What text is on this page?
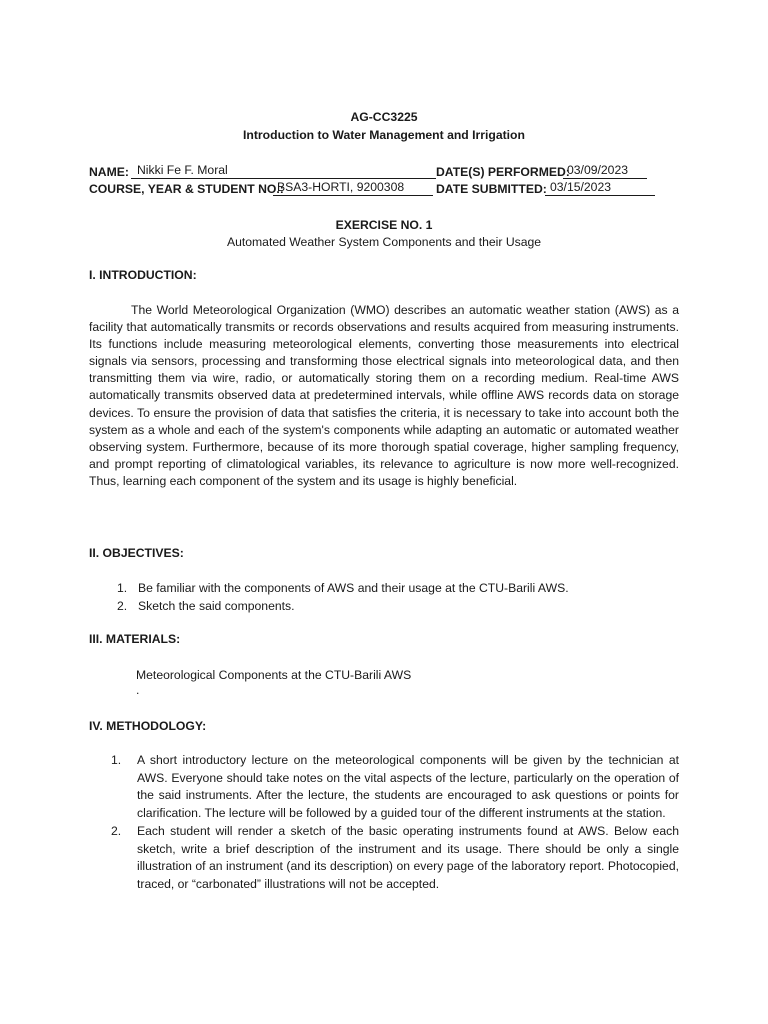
AG-CC3225
Introduction to Water Management and Irrigation
NAME: Nikki Fe F. Moral	DATE(S) PERFORMED:
03/09/2023
COURSE, YEAR & STUDENT NO.:
BSA3-HORTI, 9200308	DATE SUBMITTED: 03/15/2023
EXERCISE NO. 1
Automated Weather System Components and their Usage
I. INTRODUCTION:

The World Meteorological Organization (WMO) describes an automatic weather station (AWS) as a facility that automatically transmits or records observations and results acquired from measuring instruments. Its functions include measuring meteorological elements, converting those measurements into electrical signals via sensors, processing and transforming those electrical signals into meteorological data, and then transmitting them via wire, radio, or automatically storing them on a recording medium. Real-time AWS automatically transmits observed data at predetermined intervals, while offline AWS records data on storage devices. To ensure the provision of data that satisfies the criteria, it is necessary to take into account both the system as a whole and each of the system's components while adapting an automatic or automated weather observing system. Furthermore, because of its more thorough spatial coverage, higher sampling frequency, and prompt reporting of climatological variables, its relevance to agriculture is now more well-recognized. Thus, learning each component of the system and its usage is highly beneficial.

II. OBJECTIVES:
1. Be familiar with the components of AWS and their usage at the CTU-Barili AWS.
2. Sketch the said components.
III. MATERIALS:
Meteorological Components at the CTU-Barili AWS
.
IV. METHODOLOGY:
1. A short introductory lecture on the meteorological components will be given by the technician at AWS. Everyone should take notes on the vital aspects of the lecture, particularly on the operation of the said instruments. After the lecture, the students are encouraged to ask questions or points for clarification. The lecture will be followed by a guided tour of the different instruments at the station.
2. Each student will render a sketch of the basic operating instruments found at AWS. Below each sketch, write a brief description of the instrument and its usage. There should be only a single illustration of an instrument (and its description) on every page of the laboratory report. Photocopied, traced, or “carbonated” illustrations will not be accepted.
